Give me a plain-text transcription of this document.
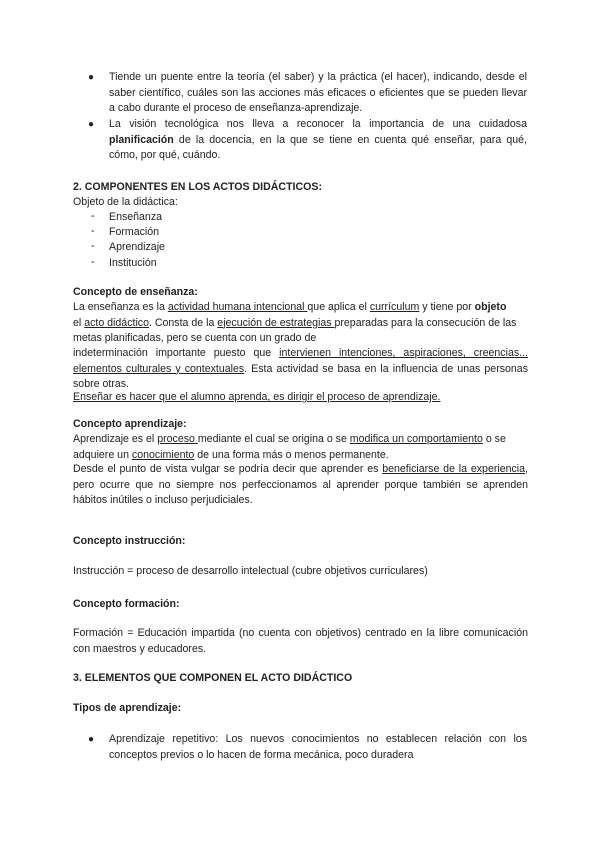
● Tiende un puente entre la teoría (el saber) y la práctica (el hacer), indicando, desde el saber científico, cuáles son las acciones más eficaces o eficientes que se pueden llevar a cabo durante el proceso de enseñanza-aprendizaje.

● La visión tecnológica nos lleva a reconocer la importancia de una cuidadosa planificación de la docencia, en la que se tiene en cuenta qué enseñar, para qué, cómo, por qué, cuándo.

2. COMPONENTES EN LOS ACTOS DIDÁCTICOS:

Objeto de la didáctica:

- Enseñanza

- Formación

- Aprendizaje

- Institución

Concepto de enseñanza:

La enseñanza es la actividad humana intencional que aplica el currículum y tiene por objeto
el acto didáctico. Consta de la ejecución de estrategias preparadas para la consecución de las metas planificadas, pero se cuenta con un grado de

indeterminación importante puesto que intervienen intenciones, aspiraciones, creencias... elementos culturales y contextuales. Esta actividad se basa en la influencia de unas personas sobre otras.

Enseñar es hacer que el alumno aprenda, es dirigir el proceso de aprendizaje.

Concepto aprendizaje:

Aprendizaje es el proceso mediante el cual se origina o se modifica un comportamiento o se adquiere un conocimiento de una forma más o menos permanente.

Desde el punto de vista vulgar se podría decir que aprender es beneficiarse de la experiencia, pero ocurre que no siempre nos perfeccionamos al aprender porque también se aprenden hábitos inútiles o incluso perjudiciales.

Concepto instrucción:

Instrucción = proceso de desarrollo intelectual (cubre objetivos curriculares)

Concepto formación:

Formación = Educación impartida (no cuenta con objetivos) centrado en la libre comunicación con maestros y educadores.

3. ELEMENTOS QUE COMPONEN EL ACTO DIDÁCTICO

Tipos de aprendizaje:

● Aprendizaje repetitivo: Los nuevos conocimientos no establecen relación con los conceptos previos o lo hacen de forma mecánica, poco duradera
